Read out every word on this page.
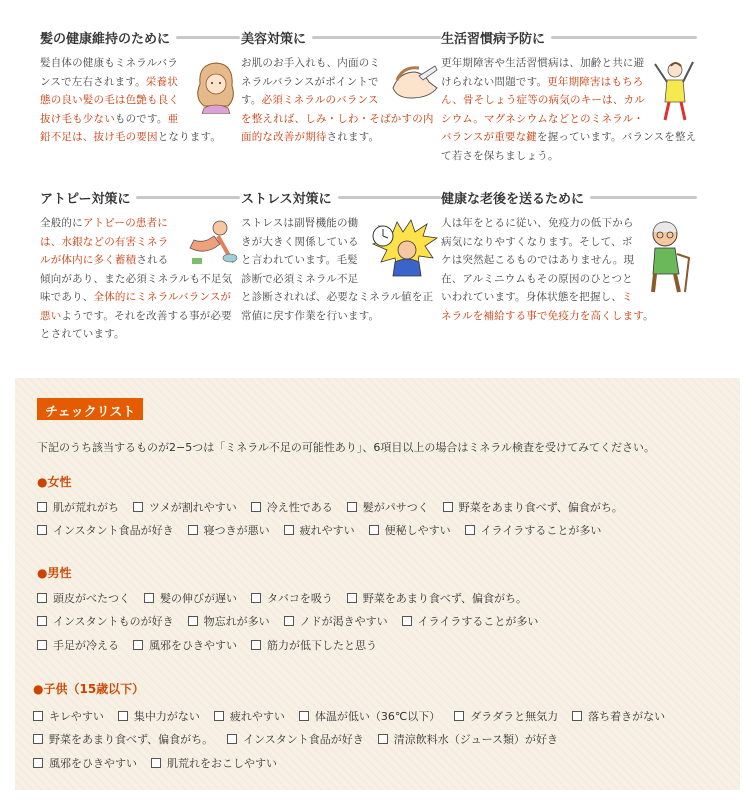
髪の健康維持のために
髪自体の健康もミネラルバランスで左右されます。栄養状態の良い髪の毛は色艶も良く抜け毛も少ないものです。亜鉛不足は、抜け毛の要因となります。
美容対策に
お肌のお手入れも、内面のミネラルバランスがポイントです。必須ミネラルのバランスを整えれば、しみ・しわ・そばかすの内面的な改善が期待されます。
生活習慣病予防に
更年期障害や生活習慣病は、加齢と共に避けられない問題です。更年期障害はもちろん、骨そしょう症等の病気のキーは、カルシウム。マグネシウムなどとのミネラル・バランスが重要な鍵を握っています。バランスを整えて若さを保ちましょう。
アトピー対策に
全般的にアトピーの患者には、水銀などの有害ミネラルが体内に多く蓄積される傾向があり、また必須ミネラルも不足気味であり、全体的にミネラルバランスが悪いようです。それを改善する事が必要とされています。
ストレス対策に
ストレスは副腎機能の働きが大きく関係していると言われています。毛髪診断で必須ミネラル不足と診断されれば、必要なミネラル値を正常値に戻す作業を行います。
健康な老後を送るために
人は年をとるに従い、免疫力の低下から病気になりやすくなります。そして、ボケは突然起こるものではありません。現在、アルミニウムもその原因のひとつといわれています。身体状態を把握し、ミネラルを補給する事で免疫力を高くします。
チェックリスト
下記のうち該当するものが2−5つは「ミネラル不足の可能性あり」、6項目以上の場合はミネラル検査を受けてみてください。
●女性
●男性
●子供（15歳以下）
肌が荒れがち	ツメが割れやすい	冷え性である	髪がパサつく	野菜をあまり食べず、偏食がち。
インスタント食品が好き	寝つきが悪い	疲れやすい	便秘しやすい	イライラすることが多い
頭皮がべたつく	髪の伸びが遅い	タバコを吸う	野菜をあまり食べず、偏食がち。
インスタントものが好き	物忘れが多い	ノドが渇きやすい	イライラすることが多い
手足が冷える	風邪をひきやすい	筋力が低下したと思う
キレやすい	集中力がない	疲れやすい	体温が低い（36℃以下）	ダラダラと無気力	落ち着きがない
野菜をあまり食べず、偏食がち。	インスタント食品が好き	清涼飲料水（ジュース類）が好き
風邪をひきやすい	肌荒れをおこしやすい
